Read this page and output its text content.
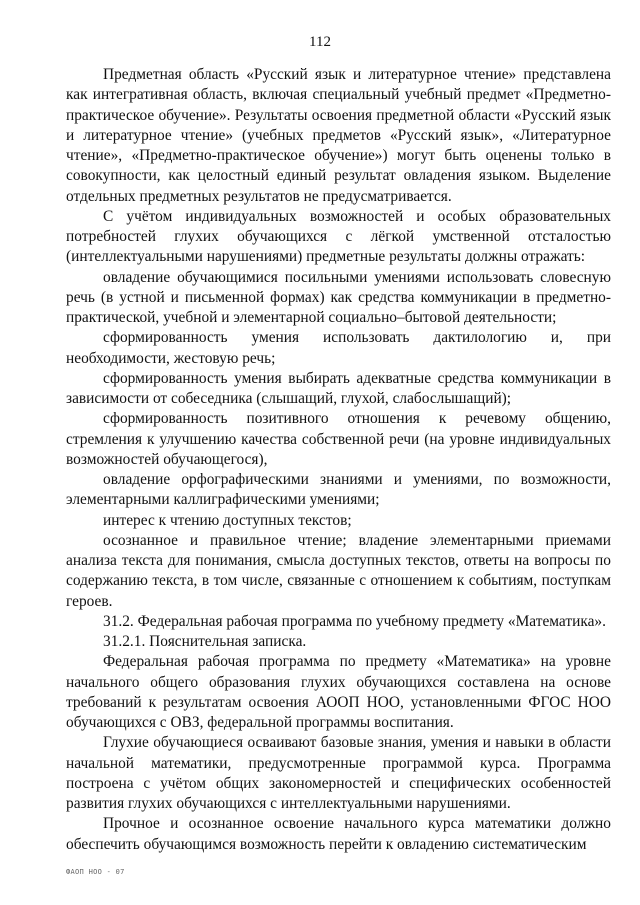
112

Предметная область «Русский язык и литературное чтение» представлена как интегративная область, включая специальный учебный предмет «Предметно-практическое обучение». Результаты освоения предметной области «Русский язык и литературное чтение» (учебных предметов «Русский язык», «Литературное чтение», «Предметно-практическое обучение») могут быть оценены только в совокупности, как целостный единый результат овладения языком. Выделение отдельных предметных результатов не предусматривается.

С учётом индивидуальных возможностей и особых образовательных потребностей глухих обучающихся с лёгкой умственной отсталостью (интеллектуальными нарушениями) предметные результаты должны отражать:

овладение обучающимися посильными умениями использовать словесную речь (в устной и письменной формах) как средства коммуникации в предметно-практической, учебной и элементарной социально–бытовой деятельности;

сформированность умения использовать дактилологию и, при необходимости, жестовую речь;

сформированность умения выбирать адекватные средства коммуникации в зависимости от собеседника (слышащий, глухой, слабослышащий);

сформированность позитивного отношения к речевому общению, стремления к улучшению качества собственной речи (на уровне индивидуальных возможностей обучающегося),

овладение орфографическими знаниями и умениями, по возможности, элементарными каллиграфическими умениями;

интерес к чтению доступных текстов;

осознанное и правильное чтение; владение элементарными приемами анализа текста для понимания, смысла доступных текстов, ответы на вопросы по содержанию текста, в том числе, связанные с отношением к событиям, поступкам героев.

31.2. Федеральная рабочая программа по учебному предмету «Математика».

31.2.1. Пояснительная записка.

Федеральная рабочая программа по предмету «Математика» на уровне начального общего образования глухих обучающихся составлена на основе требований к результатам освоения АООП НОО, установленными ФГОС НОО обучающихся с ОВЗ, федеральной программы воспитания.

Глухие обучающиеся осваивают базовые знания, умения и навыки в области начальной математики, предусмотренные программой курса. Программа построена с учётом общих закономерностей и специфических особенностей развития глухих обучающихся с интеллектуальными нарушениями.

Прочное и осознанное освоение начального курса математики должно обеспечить обучающимся возможность перейти к овладению систематическим

ФАОП НОО - 07
